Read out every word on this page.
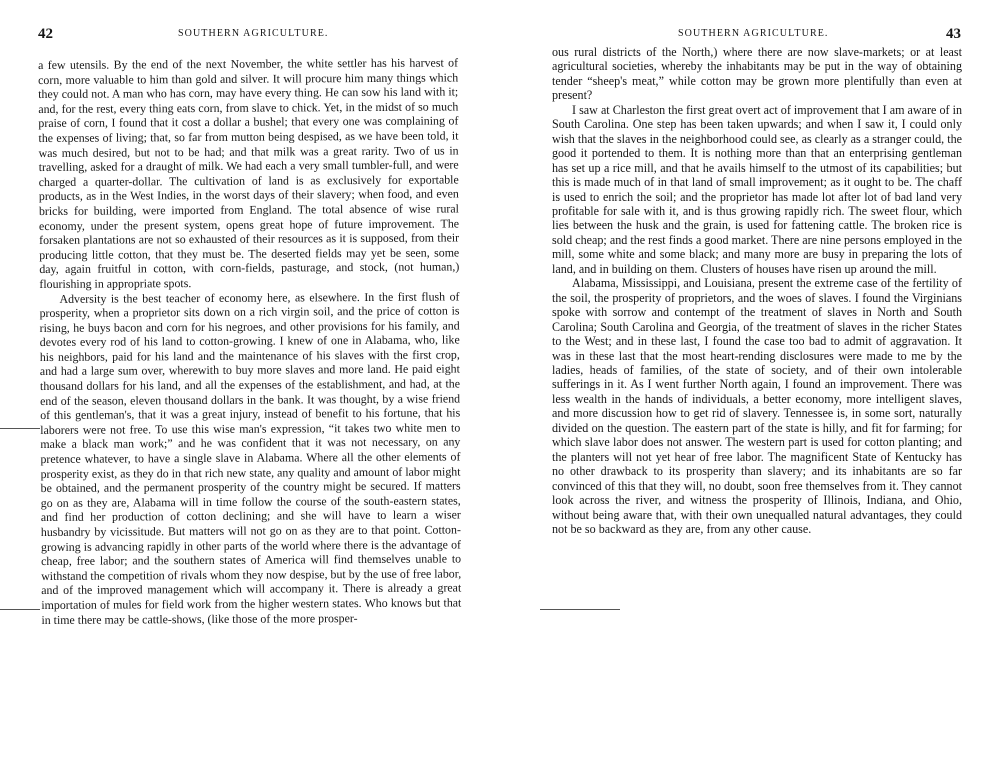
42	SOUTHERN AGRICULTURE.

a few utensils. By the end of the next November, the white settler has his harvest of corn, more valuable to him than gold and silver. It will procure him many things which they could not. A man who has corn, may have every thing. He can sow his land with it; and, for the rest, every thing eats corn, from slave to chick. Yet, in the midst of so much praise of corn, I found that it cost a dollar a bushel; that every one was complaining of the expenses of living; that, so far from mutton being despised, as we have been told, it was much desired, but not to be had; and that milk was a great rarity. Two of us in travelling, asked for a draught of milk. We had each a very small tumbler-full, and were charged a quarter-dollar. The cultivation of land is as exclusively for exportable products, as in the West Indies, in the worst days of their slavery; when food, and even bricks for building, were imported from England. The total absence of wise rural economy, under the present system, opens great hope of future improvement. The forsaken plantations are not so exhausted of their resources as it is supposed, from their producing little cotton, that they must be. The deserted fields may yet be seen, some day, again fruitful in cotton, with corn-fields, pasturage, and stock, (not human,) flourishing in appropriate spots.

Adversity is the best teacher of economy here, as elsewhere. In the first flush of prosperity, when a proprietor sits down on a rich virgin soil, and the price of cotton is rising, he buys bacon and corn for his negroes, and other provisions for his family, and devotes every rod of his land to cotton-growing. I knew of one in Alabama, who, like his neighbors, paid for his land and the maintenance of his slaves with the first crop, and had a large sum over, wherewith to buy more slaves and more land. He paid eight thousand dollars for his land, and all the expenses of the establishment, and had, at the end of the season, eleven thousand dollars in the bank. It was thought, by a wise friend of this gentleman's, that it was a great injury, instead of benefit to his fortune, that his laborers were not free. To use this wise man's expression, “it takes two white men to make a black man work;” and he was confident that it was not necessary, on any pretence whatever, to have a single slave in Alabama. Where all the other elements of prosperity exist, as they do in that rich new state, any quality and amount of labor might be obtained, and the permanent prosperity of the country might be secured. If matters go on as they are, Alabama will in time follow the course of the south-eastern states, and find her production of cotton declining; and she will have to learn a wiser husbandry by vicissitude. But matters will not go on as they are to that point. Cotton-growing is advancing rapidly in other parts of the world where there is the advantage of cheap, free labor; and the southern states of America will find themselves unable to withstand the competition of rivals whom they now despise, but by the use of free labor, and of the improved management which will accompany it. There is already a great importation of mules for field work from the higher western states. Who knows but that in time there may be cattle-shows, (like those of the more prosper-

SOUTHERN AGRICULTURE.	43

ous rural districts of the North,) where there are now slave-markets; or at least agricultural societies, whereby the inhabitants may be put in the way of obtaining tender “sheep's meat,” while cotton may be grown more plentifully than even at present?

I saw at Charleston the first great overt act of improvement that I am aware of in South Carolina. One step has been taken upwards; and when I saw it, I could only wish that the slaves in the neighborhood could see, as clearly as a stranger could, the good it portended to them. It is nothing more than that an enterprising gentleman has set up a rice mill, and that he avails himself to the utmost of its capabilities; but this is made much of in that land of small improvement; as it ought to be. The chaff is used to enrich the soil; and the proprietor has made lot after lot of bad land very profitable for sale with it, and is thus growing rapidly rich. The sweet flour, which lies between the husk and the grain, is used for fattening cattle. The broken rice is sold cheap; and the rest finds a good market. There are nine persons employed in the mill, some white and some black; and many more are busy in preparing the lots of land, and in building on them. Clusters of houses have risen up around the mill.

Alabama, Mississippi, and Louisiana, present the extreme case of the fertility of the soil, the prosperity of proprietors, and the woes of slaves. I found the Virginians spoke with sorrow and contempt of the treatment of slaves in North and South Carolina; South Carolina and Georgia, of the treatment of slaves in the richer States to the West; and in these last, I found the case too bad to admit of aggravation. It was in these last that the most heart-rending disclosures were made to me by the ladies, heads of families, of the state of society, and of their own intolerable sufferings in it. As I went further North again, I found an improvement. There was less wealth in the hands of individuals, a better economy, more intelligent slaves, and more discussion how to get rid of slavery. Tennessee is, in some sort, naturally divided on the question. The eastern part of the state is hilly, and fit for farming; for which slave labor does not answer. The western part is used for cotton planting; and the planters will not yet hear of free labor. The magnificent State of Kentucky has no other drawback to its prosperity than slavery; and its inhabitants are so far convinced of this that they will, no doubt, soon free themselves from it. They cannot look across the river, and witness the prosperity of Illinois, Indiana, and Ohio, without being aware that, with their own unequalled natural advantages, they could not be so backward as they are, from any other cause.
